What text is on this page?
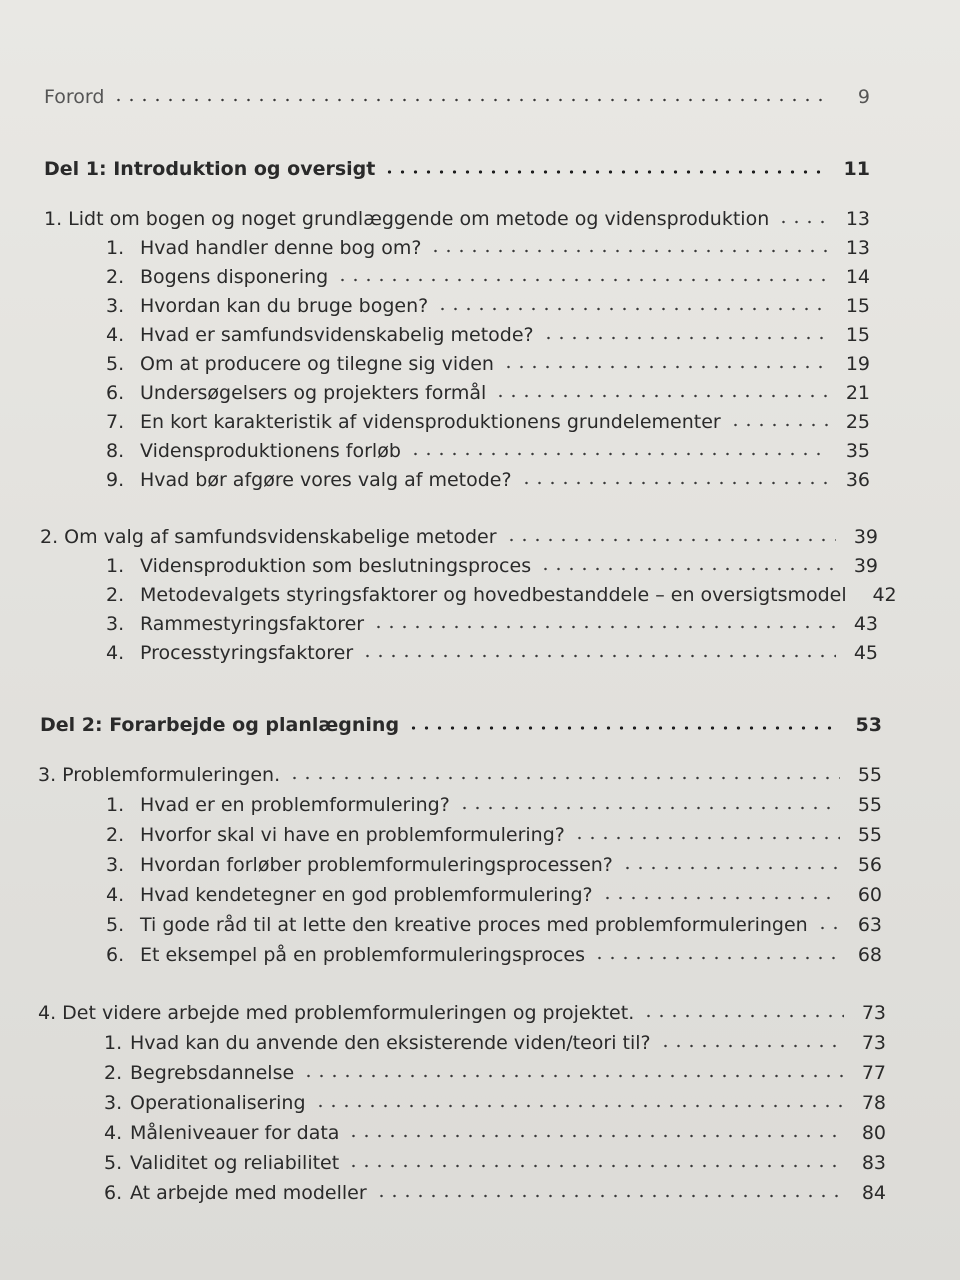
Forord	9
Del 1: Introduktion og oversigt	11
1. Lidt om bogen og noget grundlæggende om metode og vidensproduktion	13
1. Hvad handler denne bog om?	13
2. Bogens disponering	14
3. Hvordan kan du bruge bogen?	15
4. Hvad er samfundsvidenskabelig metode?	15
5. Om at producere og tilegne sig viden	19
6. Undersøgelsers og projekters formål	21
7. En kort karakteristik af vidensproduktionens grundelementer	25
8. Vidensproduktionens forløb	35
9. Hvad bør afgøre vores valg af metode?	36
2. Om valg af samfundsvidenskabelige metoder	39
1. Vidensproduktion som beslutningsproces	39
2. Metodevalgets styringsfaktorer og hovedbestanddele – en oversigtsmodel 42
3. Rammestyringsfaktorer	43
4. Processtyringsfaktorer	45
Del 2: Forarbejde og planlægning	53
3. Problemformuleringen.	55
1. Hvad er en problemformulering?	55
2. Hvorfor skal vi have en problemformulering?	55
3. Hvordan forløber problemformuleringsprocessen?	56
4. Hvad kendetegner en god problemformulering?	60
5. Ti gode råd til at lette den kreative proces med problemformuleringen	63
6. Et eksempel på en problemformuleringsproces	68
4. Det videre arbejde med problemformuleringen og projektet.	73
1. Hvad kan du anvende den eksisterende viden/teori til?	73
2. Begrebsdannelse	77
3. Operationalisering	78
4. Måleniveauer for data	80
5. Validitet og reliabilitet	83
6. At arbejde med modeller	84
